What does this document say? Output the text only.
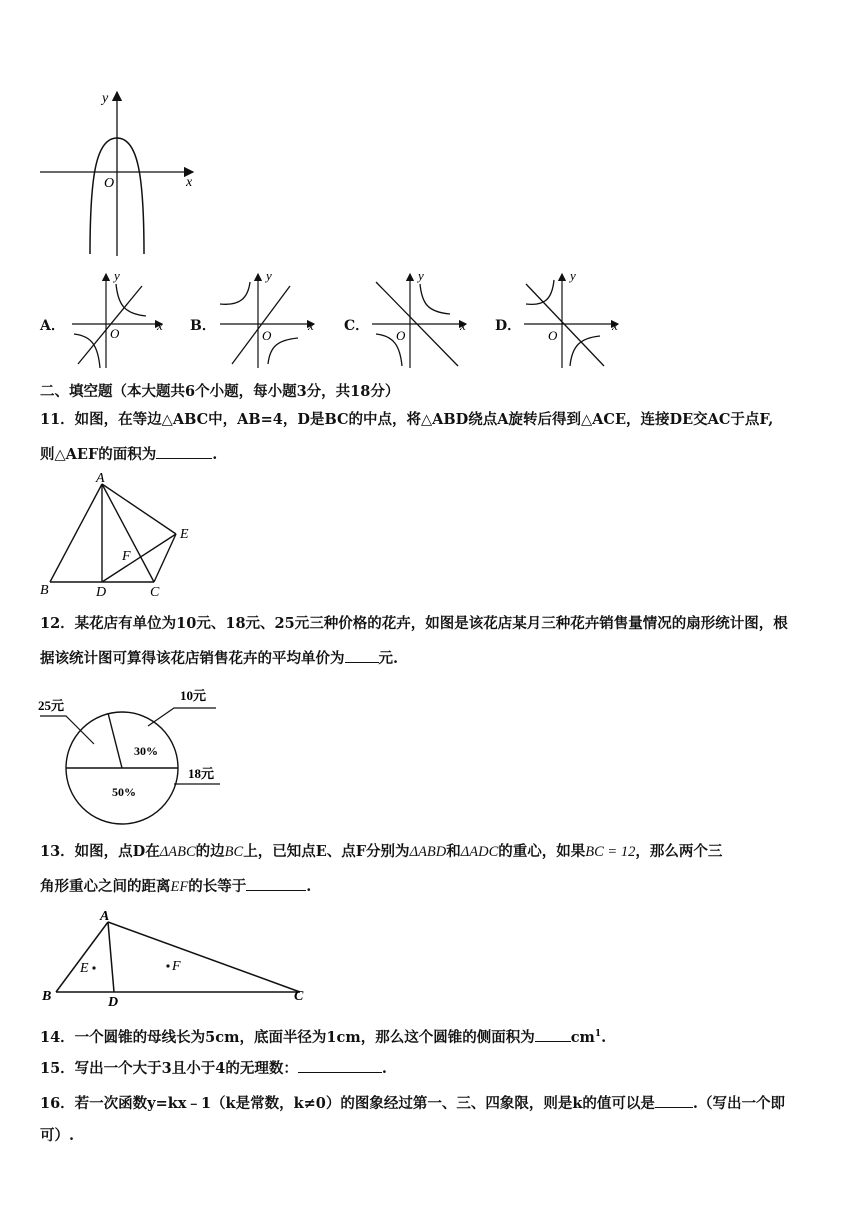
y
x
O
A．
y
x
O	B．
y
x
O
C．
y
x
O
D．
y
x
O
二、填空题（本大题共6个小题，每小题3分，共18分）
11．如图，在等边△ABC中，AB=4，D是BC的中点，将△ABD绕点A旋转后得到△ACE，连接DE交AC于点F,
则△AEF的面积为	.
A
B	D	C
E
F
12．某花店有单位为10元、18元、25元三种价格的花卉，如图是该花店某月三种花卉销售量情况的扇形统计图，根
据该统计图可算得该花店销售花卉的平均单价为 元.
10元
25元
18元
30%
50%
13．如图，点D在ΔABC的边BC上，已知点E、点F分别为ΔABD和ΔADC的重心，如果BC = 12，那么两个三
角形重心之间的距离EF的长等于	.
A
B	D	C
E	F
14．一个圆锥的母线长为5cm，底面半径为1cm，那么这个圆锥的侧面积为 $cm^1$.
15．写出一个大于3且小于4的无理数：	.
16．若一次函数y=kx﹣1（k是常数，k≠0）的图象经过第一、三、四象限，则是k的值可以是	.（写出一个即
可）.
